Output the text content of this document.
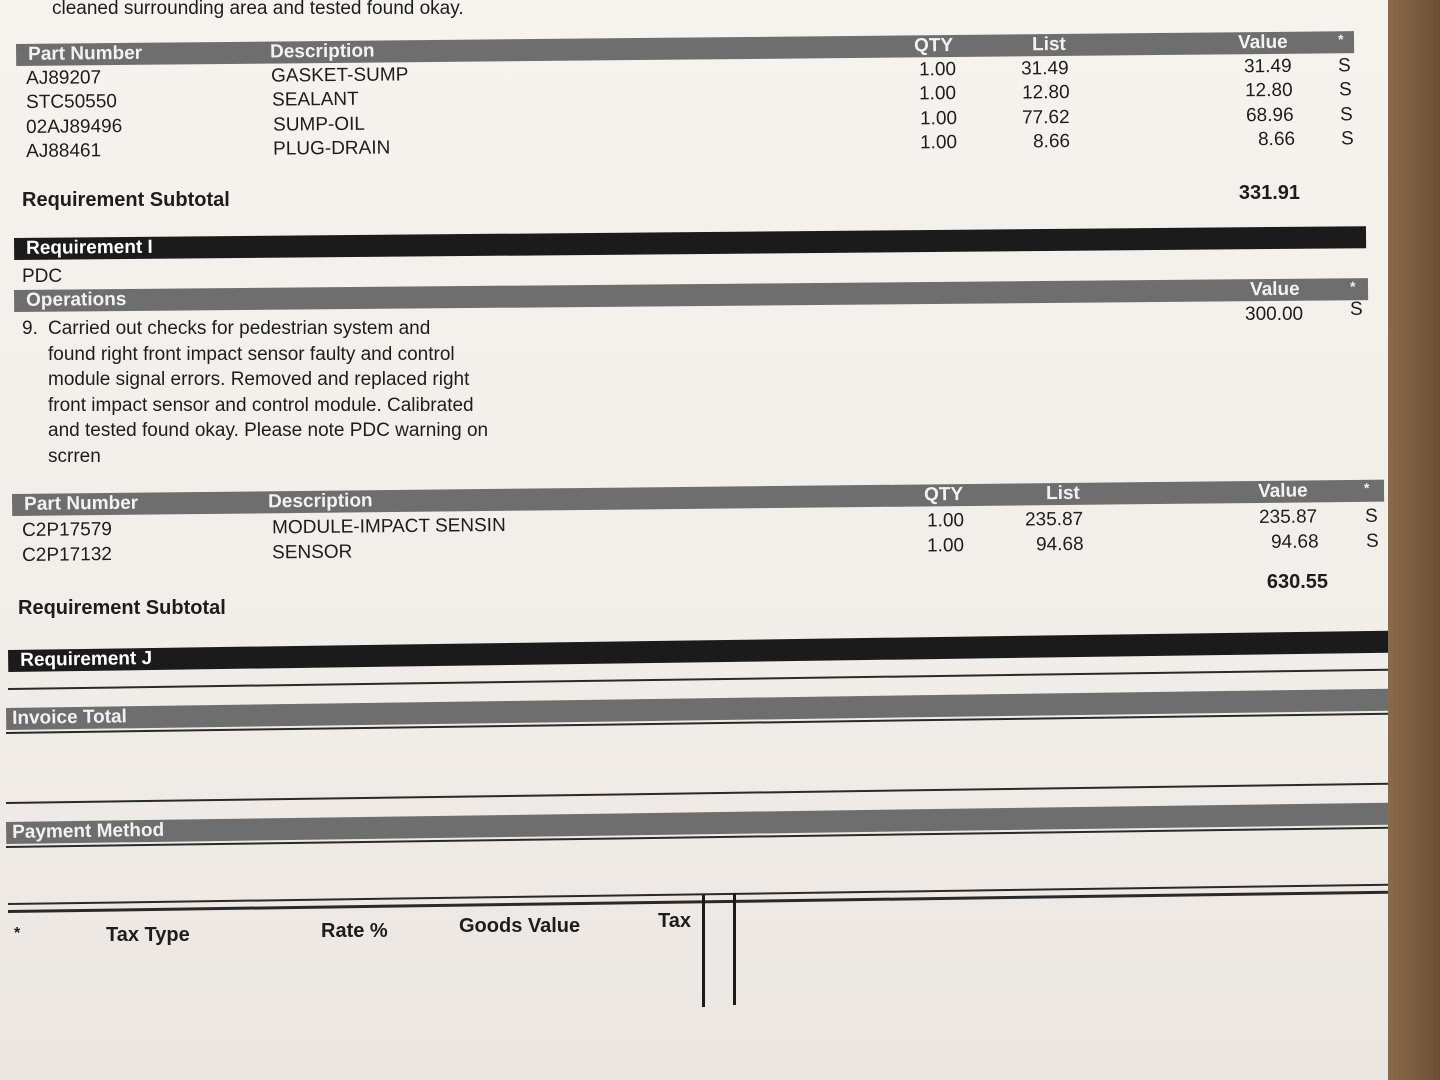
cleaned surrounding area and tested found okay.
Part Number	Description	QTY	List	Value	*
AJ89207	GASKET-SUMP	1.00	31.49	31.49 S
STC50550	SEALANT	1.00	12.80	12.80 S
02AJ89496	SUMP-OIL	1.00	77.62	68.96 S
AJ88461	PLUG-DRAIN	1.00	8.66	8.66 S
Requirement Subtotal	331.91
Requirement I
PDC
Operations	Value	*
9. Carried out checks for pedestrian system and
found right front impact sensor faulty and control
module signal errors. Removed and replaced right
front impact sensor and control module. Calibrated
and tested found okay. Please note PDC warning on
scrren
300.00 S
Part Number	Description	QTY	List	Value	*
C2P17579	MODULE-IMPACT SENSIN	1.00	235.87	235.87	S
C2P17132	SENSOR	1.00	94.68	94.68 S
Requirement Subtotal
630.55
Requirement J
Invoice Total
Payment Method
*	Tax Type	Rate %	Goods Value	Tax
